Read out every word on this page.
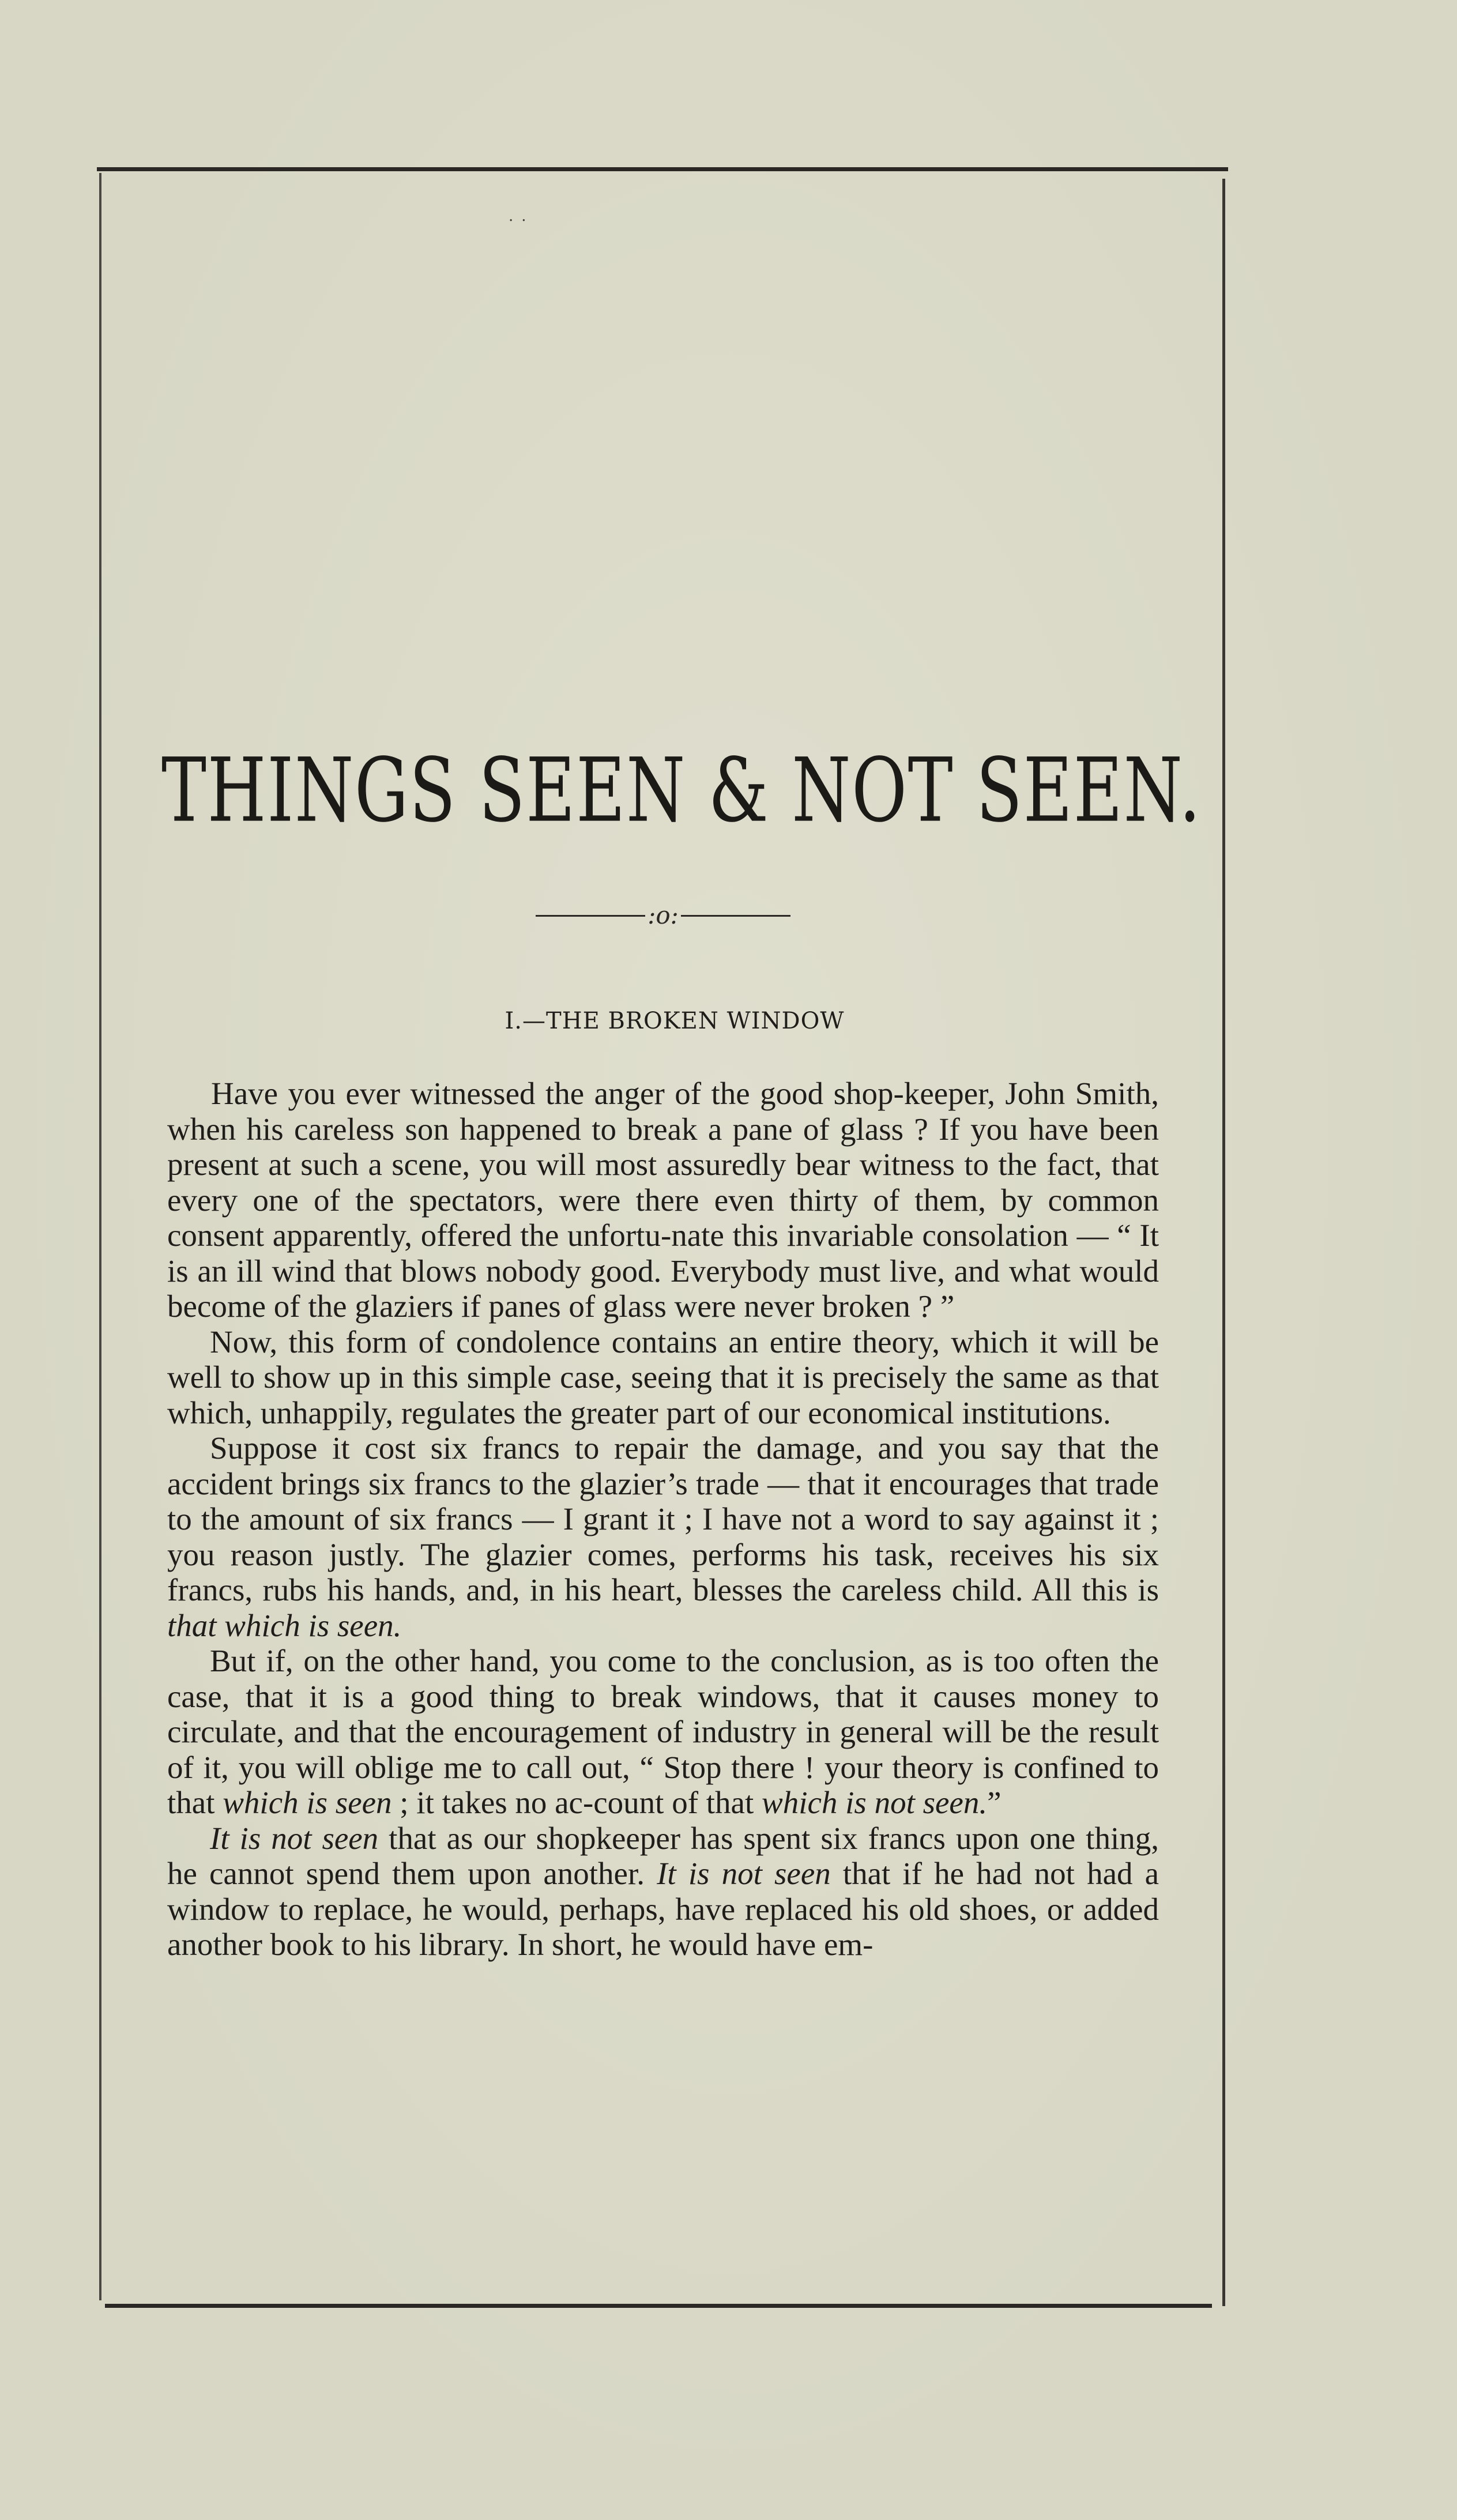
..
THINGS SEEN & NOT SEEN.
:o:
I.—THE BROKEN WINDOW

Have you ever witnessed the anger of the good shop-keeper, John Smith, when his careless son happened to break a pane of glass ? If you have been present at such a scene, you will most assuredly bear witness to the fact, that every one of the spectators, were there even thirty of them, by common consent apparently, offered the unfortu-nate this invariable consolation — “ It is an ill wind that blows nobody good. Everybody must live, and what would become of the glaziers if panes of glass were never broken ? ”

Now, this form of condolence contains an entire theory, which it will be well to show up in this simple case, seeing that it is precisely the same as that which, unhappily, regulates the greater part of our economical institutions.

Suppose it cost six francs to repair the damage, and you say that the accident brings six francs to the glazier’s trade — that it encourages that trade to the amount of six francs — I grant it ; I have not a word to say against it ; you reason justly. The glazier comes, performs his task, receives his six francs, rubs his hands, and, in his heart, blesses the careless child. All this is that which is seen.

But if, on the other hand, you come to the conclusion, as is too often the case, that it is a good thing to break windows, that it causes money to circulate, and that the encouragement of industry in general will be the result of it, you will oblige me to call out, “ Stop there ! your theory is confined to that which is seen ; it takes no ac-count of that which is not seen.”

It is not seen that as our shopkeeper has spent six francs upon one thing, he cannot spend them upon another. It is not seen that if he had not had a window to replace, he would, perhaps, have replaced his old shoes, or added another book to his library. In short, he would have em-
